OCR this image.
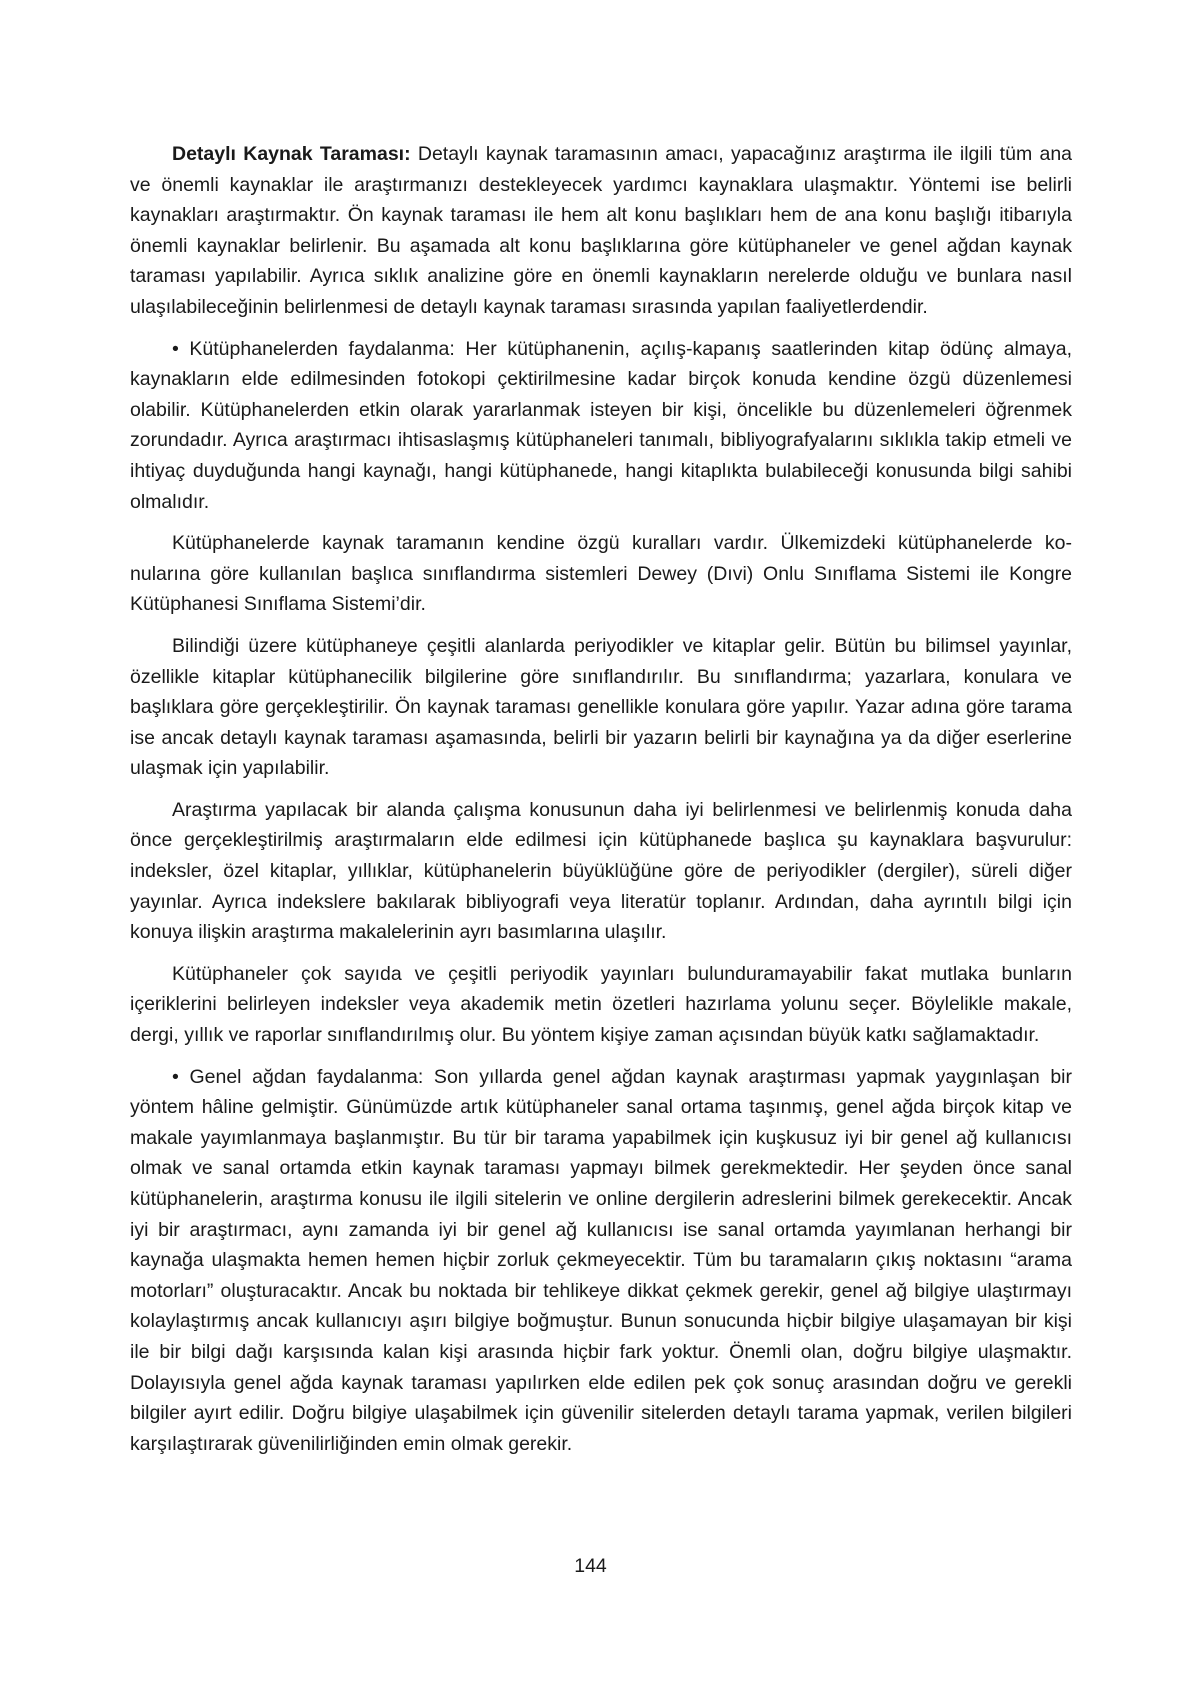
Detaylı Kaynak Taraması: Detaylı kaynak taramasının amacı, yapacağınız araştırma ile ilgili tüm ana ve önemli kaynaklar ile araştırmanızı destekleyecek yardımcı kaynaklara ulaşmaktır. Yöntemi ise belirli kaynakları araştırmaktır. Ön kaynak taraması ile hem alt konu başlıkları hem de ana konu başlığı itibarıyla önemli kaynaklar belirlenir. Bu aşamada alt konu başlıklarına göre kütüphaneler ve genel ağdan kaynak taraması yapılabilir. Ayrıca sıklık analizine göre en önemli kaynakların nerelerde olduğu ve bunlara nasıl ulaşılabileceğinin belirlenmesi de detaylı kaynak taraması sırasında yapılan faaliyetlerdendir.

• Kütüphanelerden faydalanma: Her kütüphanenin, açılış-kapanış saatlerinden kitap ödünç almaya, kaynakların elde edilmesinden fotokopi çektirilmesine kadar birçok konuda kendine özgü düzenlemesi olabilir. Kütüphanelerden etkin olarak yararlanmak isteyen bir kişi, öncelikle bu düzenlemeleri öğrenmek zorundadır. Ayrıca araştırmacı ihtisaslaşmış kütüphaneleri tanımalı, bibliyografyalarını sıklıkla takip etmeli ve ihtiyaç duyduğunda hangi kaynağı, hangi kütüphanede, hangi kitaplıkta bulabileceği konusunda bilgi sahibi olmalıdır.

Kütüphanelerde kaynak taramanın kendine özgü kuralları vardır. Ülkemizdeki kütüphanelerde konularına göre kullanılan başlıca sınıflandırma sistemleri Dewey (Dıvi) Onlu Sınıflama Sistemi ile Kongre Kütüphanesi Sınıflama Sistemi’dir.

Bilindiği üzere kütüphaneye çeşitli alanlarda periyodikler ve kitaplar gelir. Bütün bu bilimsel yayınlar, özellikle kitaplar kütüphanecilik bilgilerine göre sınıflandırılır. Bu sınıflandırma; yazarlara, konulara ve başlıklara göre gerçekleştirilir. Ön kaynak taraması genellikle konulara göre yapılır. Yazar adına göre tarama ise ancak detaylı kaynak taraması aşamasında, belirli bir yazarın belirli bir kaynağına ya da diğer eserlerine ulaşmak için yapılabilir.

Araştırma yapılacak bir alanda çalışma konusunun daha iyi belirlenmesi ve belirlenmiş konuda daha önce gerçekleştirilmiş araştırmaların elde edilmesi için kütüphanede başlıca şu kaynaklara başvurulur: indeksler, özel kitaplar, yıllıklar, kütüphanelerin büyüklüğüne göre de periyodikler (dergiler), süreli diğer yayınlar. Ayrıca indekslere bakılarak bibliyografi veya literatür toplanır. Ardından, daha ayrıntılı bilgi için konuya ilişkin araştırma makalelerinin ayrı basımlarına ulaşılır.

Kütüphaneler çok sayıda ve çeşitli periyodik yayınları bulunduramayabilir fakat mutlaka bunların içeriklerini belirleyen indeksler veya akademik metin özetleri hazırlama yolunu seçer. Böylelikle makale, dergi, yıllık ve raporlar sınıflandırılmış olur. Bu yöntem kişiye zaman açısından büyük katkı sağlamaktadır.

• Genel ağdan faydalanma: Son yıllarda genel ağdan kaynak araştırması yapmak yaygınlaşan bir yöntem hâline gelmiştir. Günümüzde artık kütüphaneler sanal ortama taşınmış, genel ağda birçok kitap ve makale yayımlanmaya başlanmıştır. Bu tür bir tarama yapabilmek için kuşkusuz iyi bir genel ağ kullanıcısı olmak ve sanal ortamda etkin kaynak taraması yapmayı bilmek gerekmektedir. Her şeyden önce sanal kütüphanelerin, araştırma konusu ile ilgili sitelerin ve online dergilerin adreslerini bilmek gerekecektir. Ancak iyi bir araştırmacı, aynı zamanda iyi bir genel ağ kullanıcısı ise sanal ortamda yayımlanan herhangi bir kaynağa ulaşmakta hemen hemen hiçbir zorluk çekmeyecektir. Tüm bu taramaların çıkış noktasını “arama motorları” oluşturacaktır. Ancak bu noktada bir tehlikeye dikkat çekmek gerekir, genel ağ bilgiye ulaştırmayı kolaylaştırmış ancak kullanıcıyı aşırı bilgiye boğmuştur. Bunun sonucunda hiçbir bilgiye ulaşamayan bir kişi ile bir bilgi dağı karşısında kalan kişi arasında hiçbir fark yoktur. Önemli olan, doğru bilgiye ulaşmaktır. Dolayısıyla genel ağda kaynak taraması yapılırken elde edilen pek çok sonuç arasından doğru ve gerekli bilgiler ayırt edilir. Doğru bilgiye ulaşabilmek için güvenilir sitelerden detaylı tarama yapmak, verilen bilgileri karşılaştırarak güvenilirliğinden emin olmak gerekir.

144
